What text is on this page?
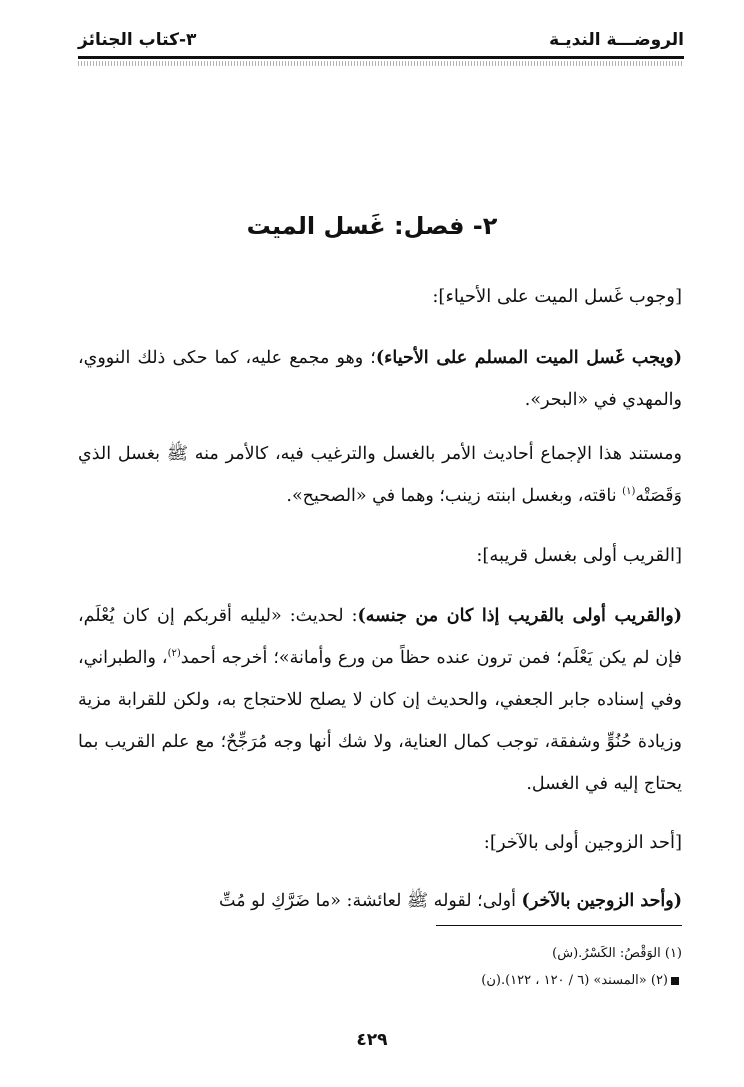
الروضـــة النديـة
٣-كتاب الجنائز
٢- فصل: غَسل الميت
[وجوب غَسل الميت على الأحياء]:
(ويجب غَسل الميت المسلم على الأحياء)؛ وهو مجمع عليه، كما حكى ذلك النووي، والمهدي في «البحر».
ومستند هذا الإجماع أحاديث الأمر بالغسل والترغيب فيه، كالأمر منه ﷺ بغسل الذي وَقَصَتْه$^{(١)}$ ناقته، وبغسل ابنته زينب؛ وهما في «الصحيح».
[القريب أولى بغسل قريبه]:
(والقريب أولى بالقريب إذا كان من جنسه): لحديث: «ليليه أقربكم إن كان يُعْلَم، فإن لم يكن يَعْلَم؛ فمن ترون عنده حظاً من ورع وأمانة»؛ أخرجه أحمد$^{(٢)}$، والطبراني، وفي إسناده جابر الجعفي، والحديث إن كان لا يصلح للاحتجاج به، ولكن للقرابة مزية وزيادة حُنُوٍّ وشفقة، توجب كمال العناية، ولا شك أنها وجه مُرَجِّحٌ؛ مع علم القريب بما يحتاج إليه في الغسل.
[أحد الزوجين أولى بالآخر]:
(وأحد الزوجين بالآخر) أولى؛ لقوله ﷺ لعائشة: «ما ضَرَّكِ لو مُتِّ
(١) الوَقْصُ: الكَسْرُ.(ش)
(٢) «المسند» (٦ / ١٢٠ ، ١٢٢).(ن)
٤٢٩
